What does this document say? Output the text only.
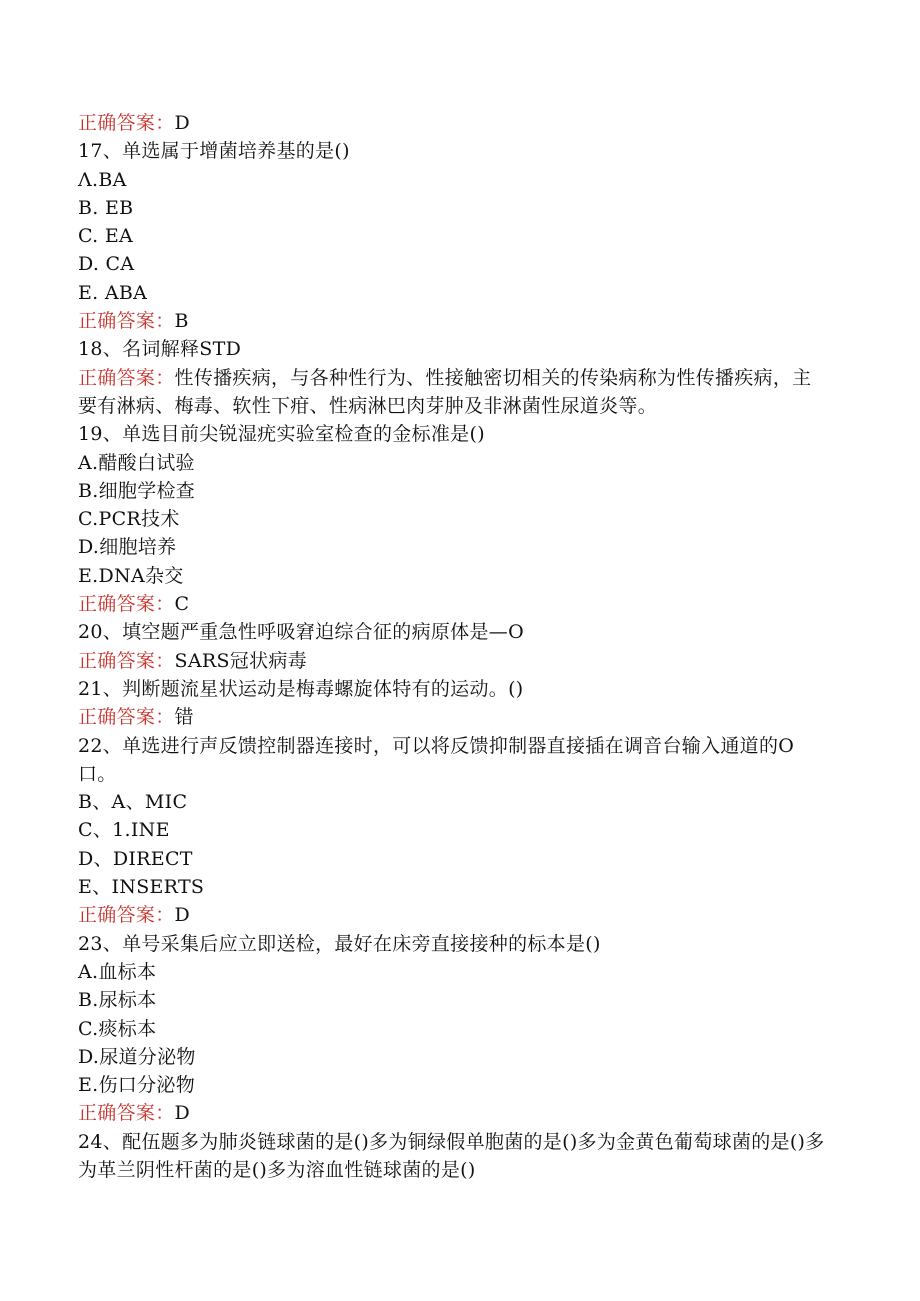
正确答案：D
17、单选属于增菌培养基的是()
Λ.BA
B. EB
C. EA
D. CA
E. ABA
正确答案：B
18、名词解释STD
正确答案：性传播疾病，与各种性行为、性接触密切相关的传染病称为性传播疾病，主要有淋病、梅毒、软性下疳、性病淋巴肉芽肿及非淋菌性尿道炎等。
19、单选目前尖锐湿疣实验室检查的金标准是()
A.醋酸白试验
B.细胞学检查
C.PCR技术
D.细胞培养
E.DNA杂交
正确答案：C
20、填空题严重急性呼吸窘迫综合征的病原体是—O
正确答案：SARS冠状病毒
21、判断题流星状运动是梅毒螺旋体特有的运动。()
正确答案：错
22、单选进行声反馈控制器连接时，可以将反馈抑制器直接插在调音台输入通道的O口。
B、A、MIC
C、1.INE
D、DIRECT
E、INSERTS
正确答案：D
23、单号采集后应立即送检，最好在床旁直接接种的标本是()
A.血标本
B.尿标本
C.痰标本
D.尿道分泌物
E.伤口分泌物
正确答案：D
24、配伍题多为肺炎链球菌的是()多为铜绿假单胞菌的是()多为金黄色葡萄球菌的是()多为革兰阴性杆菌的是()多为溶血性链球菌的是()
